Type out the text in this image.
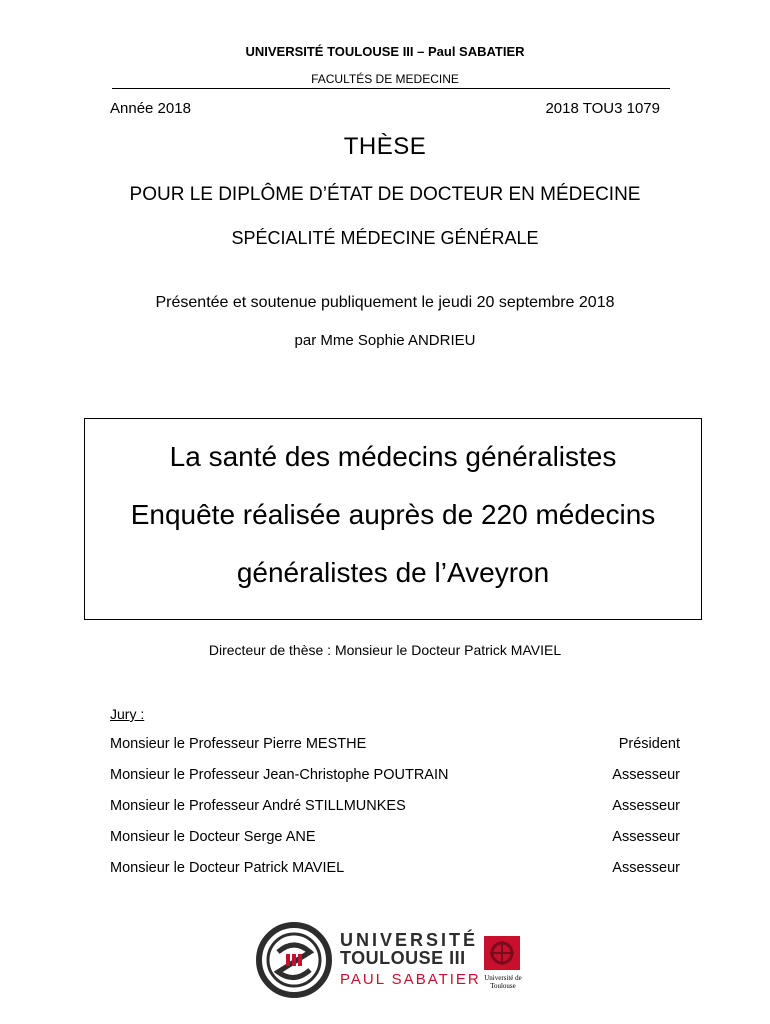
UNIVERSITÉ TOULOUSE III – Paul SABATIER
FACULTÉS DE MEDECINE
Année 2018	2018 TOU3 1079
THÈSE
POUR LE DIPLÔME D’ÉTAT DE DOCTEUR EN MÉDECINE
SPÉCIALITÉ MÉDECINE GÉNÉRALE
Présentée et soutenue publiquement le jeudi 20 septembre 2018
par Mme Sophie ANDRIEU
La santé des médecins généralistes
Enquête réalisée auprès de 220 médecins
généralistes de l’Aveyron
Directeur de thèse : Monsieur le Docteur Patrick MAVIEL
Jury :
Monsieur le Professeur Pierre MESTHE	Président
Monsieur le Professeur Jean-Christophe POUTRAIN	Assesseur
Monsieur le Professeur André STILLMUNKES	Assesseur
Monsieur le Docteur Serge ANE	Assesseur
Monsieur le Docteur Patrick MAVIEL	Assesseur
UNIVERSITÉ
TOULOUSE III
PAUL SABATIER Université de Toulouse
